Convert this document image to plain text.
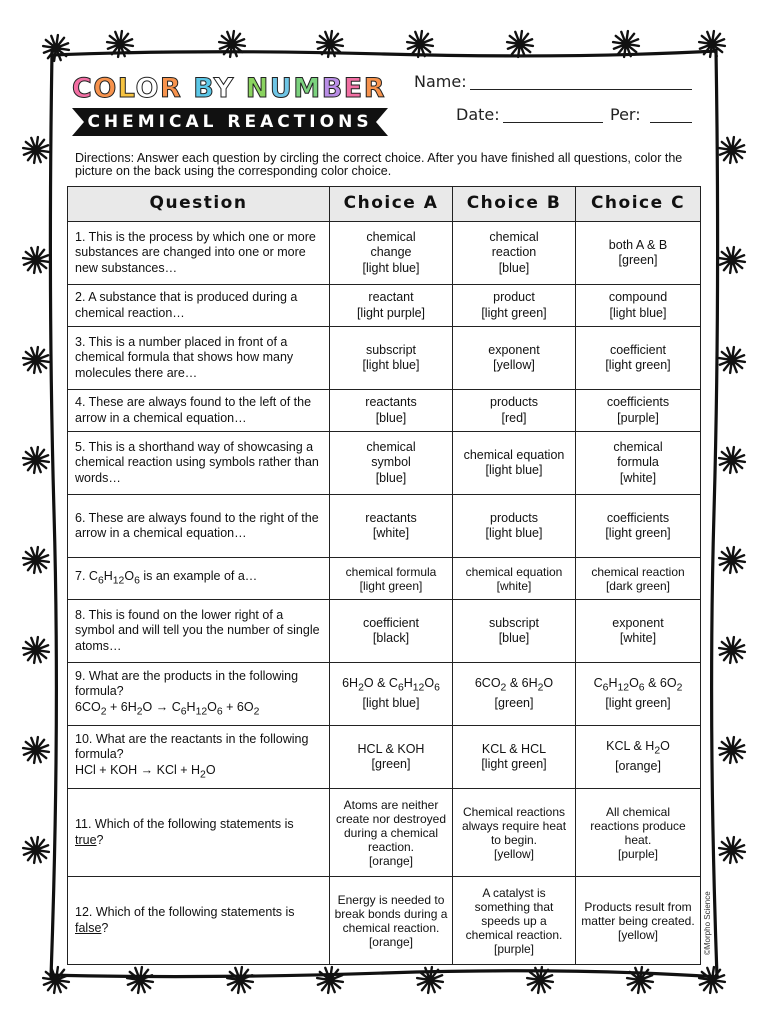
COLOR BY NUMBER
CHEMICAL REACTIONS
Name:
Date:	Per:
Directions: Answer each question by circling the correct choice. After you have finished all questions, color the picture on the back using the corresponding color choice.
Question	Choice A	Choice B	Choice C
1. This is the process by which one or more substances are changed into one or more new substances…	chemical
change
[light blue]	chemical
reaction
[blue]	both A & B
[green]
2. A substance that is produced during a chemical reaction…	reactant
[light purple]	product
[light green]	compound
[light blue]
3. This is a number placed in front of a chemical formula that shows how many molecules there are…	subscript
[light blue]	exponent
[yellow]	coefficient
[light green]
4. These are always found to the left of the arrow in a chemical equation…	reactants
[blue]	products
[red]	coefficients
[purple]
5. This is a shorthand way of showcasing a chemical reaction using symbols rather than words…	chemical
symbol
[blue]	chemical equation
[light blue]	chemical
formula
[white]
6. These are always found to the right of the arrow in a chemical equation…	reactants
[white]	products
[light blue]	coefficients
[light green]
7. $C_6H_{12}O_6$ is an example of a…	chemical formula
[light green]	chemical equation
[white]	chemical reaction
[dark green]
8. This is found on the lower right of a symbol and will tell you the number of single atoms…	coefficient
[black]	subscript
[blue]	exponent
[white]
9. What are the products in the following formula?
$6CO_2 + 6H_2O \to C_6H_{12}O_6 + 6O_2$	$6H_2O$ & $C_6H_{12}O_6$
[light blue]	$6CO_2$ & $6H_2O$
[green]	$C_6H_{12}O_6$ & $6O_2$
[light green]
10. What are the reactants in the following formula?
HCl + KOH → KCl + $H_2O$	HCL & KOH
[green]	KCL & HCL
[light green]	KCL & $H_2O$
[orange]
11. Which of the following statements is true?	Atoms are neither create nor destroyed during a chemical reaction.
[orange]	Chemical reactions always require heat to begin.
[yellow]	All chemical reactions produce heat.
[purple]
12. Which of the following statements is false?	Energy is needed to break bonds during a chemical reaction.
[orange]	A catalyst is something that speeds up a chemical reaction.
[purple]	Products result from matter being created.
[yellow]	©Morpho Science
